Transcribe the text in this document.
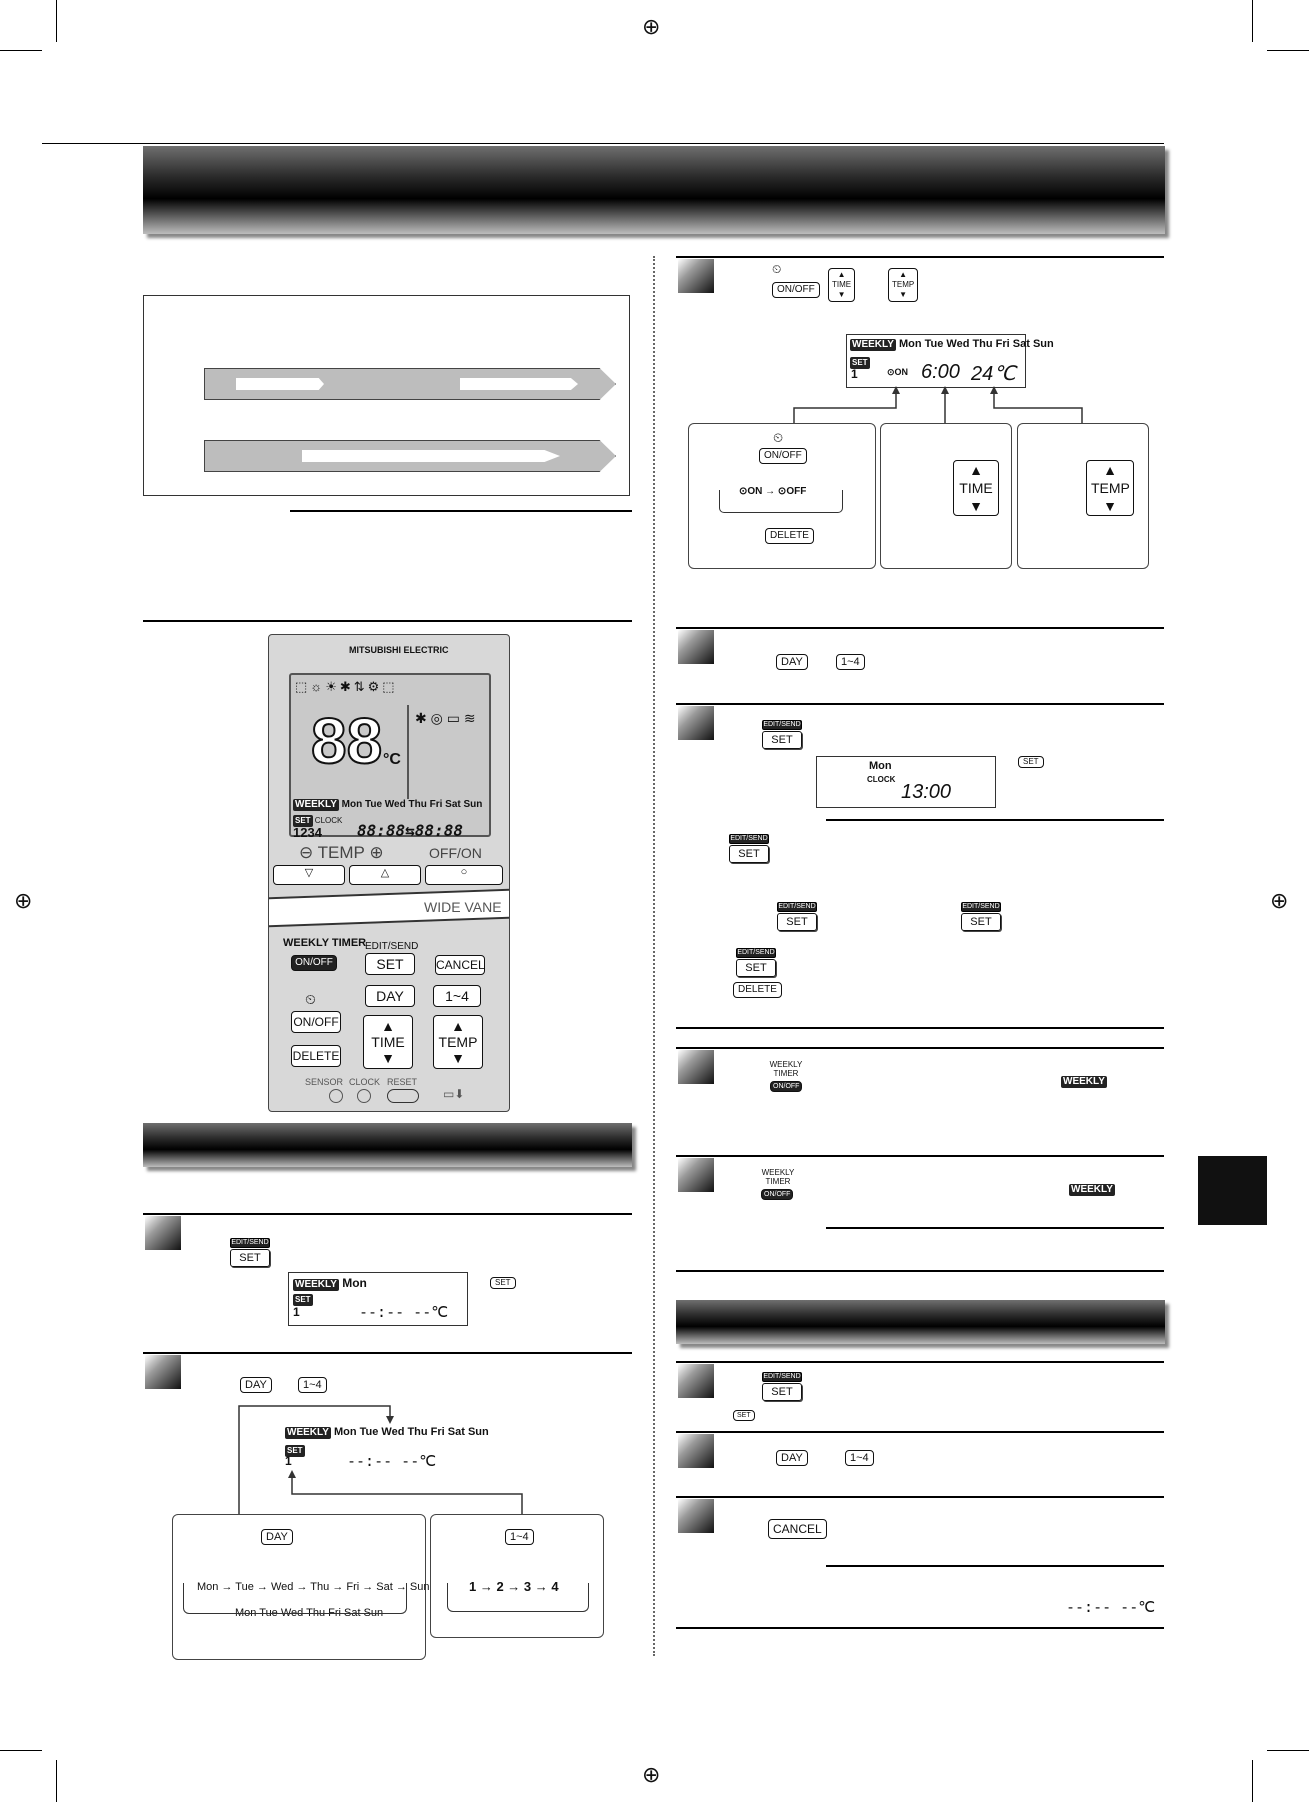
⊕
⊕
⊕	⊕
MITSUBISHI ELECTRIC
⬚☼☀✱⇅⚙⬚
88 °C
✱ ◎ ▭ ≋
WEEKLY Mon Tue Wed Thu Fri Sat Sun
SET CLOCK
1234 88:88⇆88:88
⊖ TEMP ⊕	OFF/ON
▽	△	○
WIDE VANE
WEEKLY TIMER
ON/OFF
EDIT/SEND
SET	CANCEL
DAY	1~4
⏲
ON/OFF
DELETE
▲
TIME
▼
▲
TEMP
▼
SENSOR CLOCK RESET
▭⬇
EDIT/SEND
SET
WEEKLY Mon
SET
1	--:-- --℃
SET
DAY	1~4
WEEKLY Mon Tue Wed Thu Fri Sat Sun
SET
1	--:-- --℃
DAY
Mon → Tue → Wed → Thu → Fri → Sat → Sun
Mon Tue Wed Thu Fri Sat Sun
1~4
1 → 2 → 3 → 4
⏲
ON/OFF
▲
TIME
▼
▲
TEMP
▼
WEEKLY Mon Tue Wed Thu Fri Sat Sun
SET
1	⊙ON 6:00 24℃
⏲
ON/OFF
⊙ON → ⊙OFF
DELETE
▲
TIME
▼
▲
TEMP
▼
DAY	1~4
EDIT/SEND
SET
Mon
CLOCK
13:00
SET
EDIT/SEND
SET
EDIT/SEND
SET
EDIT/SEND
SET
EDIT/SEND
SET
DELETE
WEEKLY TIMER
ON/OFF	WEEKLY
WEEKLY TIMER
ON/OFF	WEEKLY
EDIT/SEND
SET
SET
DAY	1~4
CANCEL
--:-- --℃
